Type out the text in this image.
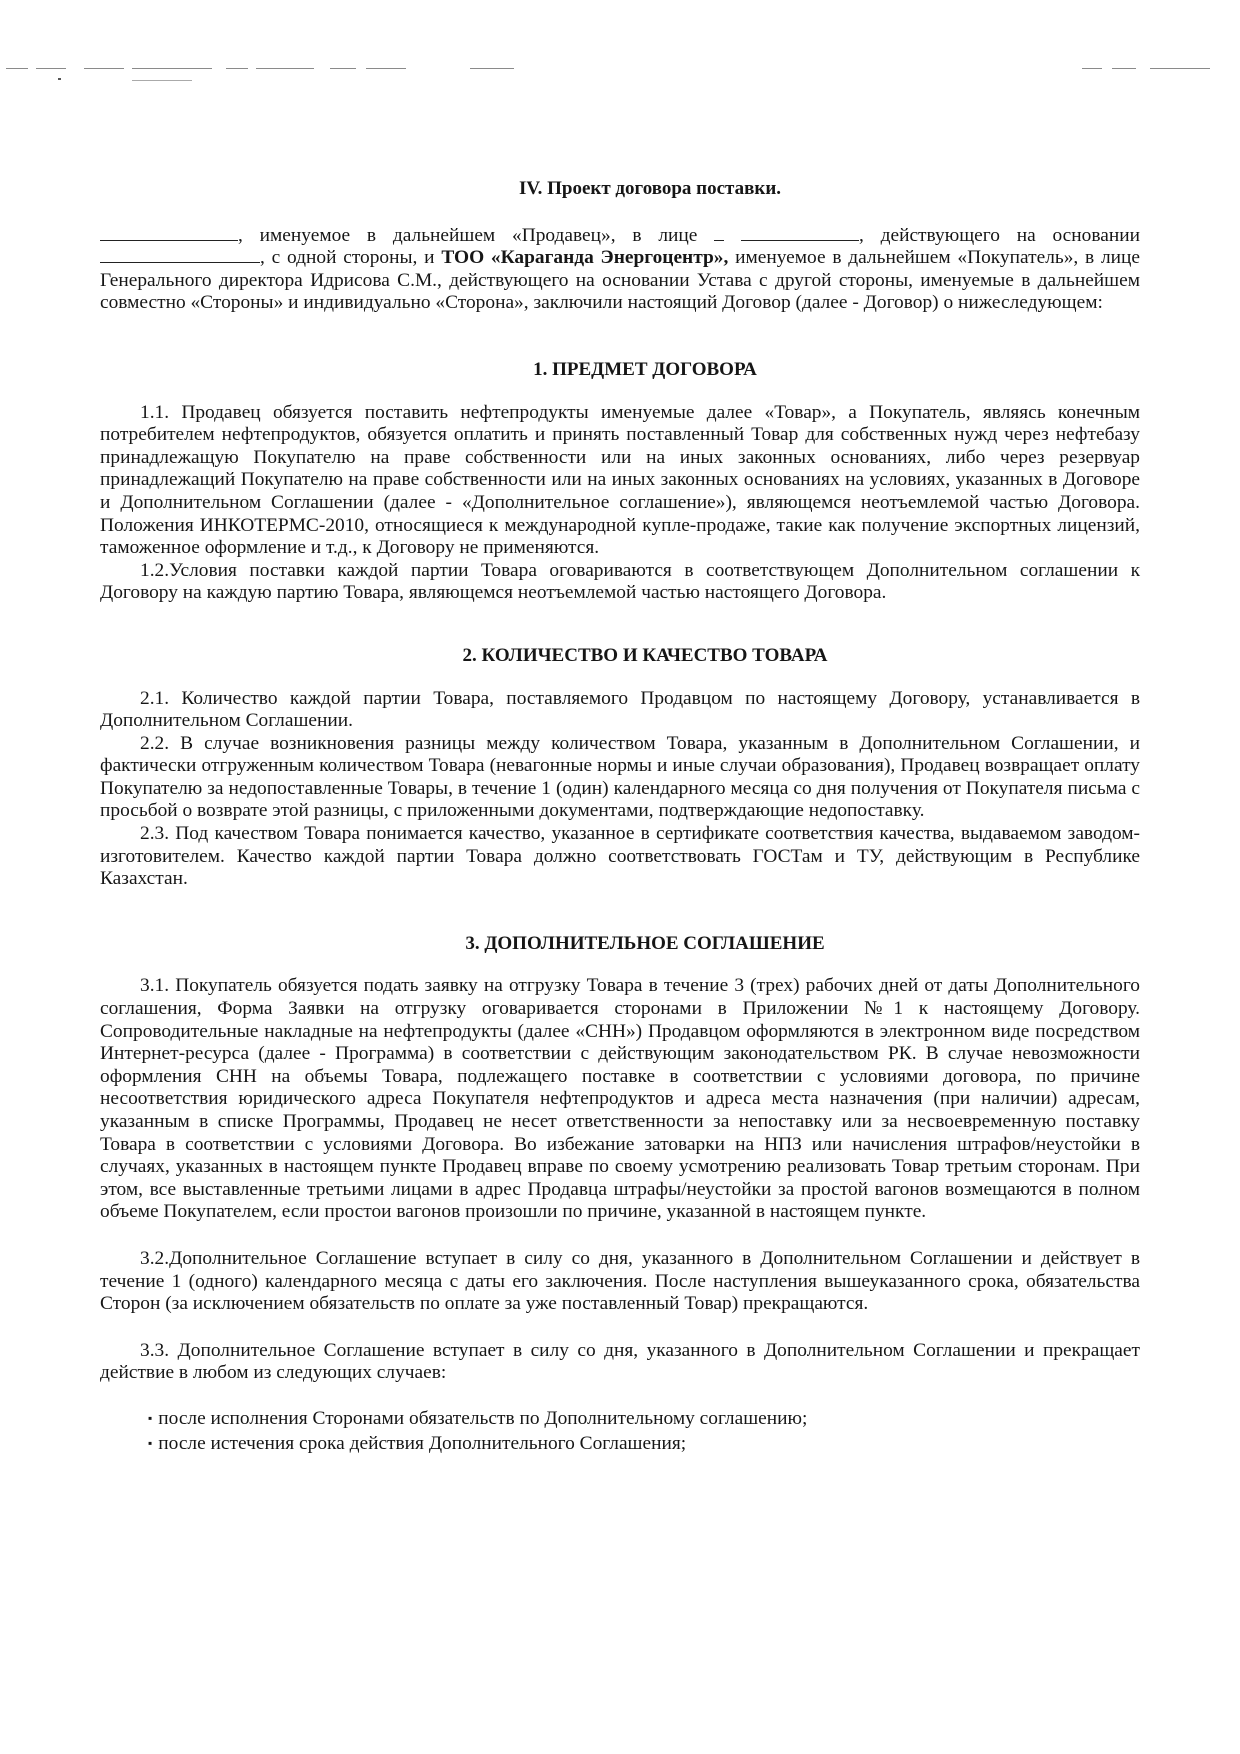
IV. Проект договора поставки.

, именуемое в дальнейшем «Продавец», в лице	, действующего на основании , с одной стороны, и ТОО «Караганда Энергоцентр», именуемое в дальнейшем «Покупатель», в лице Генерального директора Идрисова С.М., действующего на основании Устава с другой стороны, именуемые в дальнейшем совместно «Стороны» и индивидуально «Сторона», заключили настоящий Договор (далее - Договор) о нижеследующем:

1. ПРЕДМЕТ ДОГОВОРА

1.1. Продавец обязуется поставить нефтепродукты именуемые далее «Товар», а Покупатель, являясь конечным потребителем нефтепродуктов, обязуется оплатить и принять поставленный Товар для собственных нужд через нефтебазу принадлежащую Покупателю на праве собственности или на иных законных основаниях, либо через резервуар принадлежащий Покупателю на праве собственности или на иных законных основаниях на условиях, указанных в Договоре и Дополнительном Соглашении (далее - «Дополнительное соглашение»), являющемся неотъемлемой частью Договора. Положения ИНКОТЕРМС-2010, относящиеся к международной купле-продаже, такие как получение экспортных лицензий, таможенное оформление и т.д., к Договору не применяются.

1.2.Условия поставки каждой партии Товара оговариваются в соответствующем Дополнительном соглашении к Договору на каждую партию Товара, являющемся неотъемлемой частью настоящего Договора.

2. КОЛИЧЕСТВО И КАЧЕСТВО ТОВАРА

2.1. Количество каждой партии Товара, поставляемого Продавцом по настоящему Договору, устанавливается в Дополнительном Соглашении.

2.2. В случае возникновения разницы между количеством Товара, указанным в Дополнительном Соглашении, и фактически отгруженным количеством Товара (невагонные нормы и иные случаи образования), Продавец возвращает оплату Покупателю за недопоставленные Товары, в течение 1 (один) календарного месяца со дня получения от Покупателя письма с просьбой о возврате этой разницы, с приложенными документами, подтверждающие недопоставку.

2.3. Под качеством Товара понимается качество, указанное в сертификате соответствия качества, выдаваемом заводом-изготовителем. Качество каждой партии Товара должно соответствовать ГОСТам и ТУ, действующим в Республике Казахстан.

3. ДОПОЛНИТЕЛЬНОЕ СОГЛАШЕНИЕ

3.1. Покупатель обязуется подать заявку на отгрузку Товара в течение 3 (трех) рабочих дней от даты Дополнительного соглашения, Форма Заявки на отгрузку оговаривается сторонами в Приложении №1 к настоящему Договору. Сопроводительные накладные на нефтепродукты (далее «СНН») Продавцом оформляются в электронном виде посредством Интернет-ресурса (далее - Программа) в соответствии с действующим законодательством РК. В случае невозможности оформления СНН на объемы Товара, подлежащего поставке в соответствии с условиями договора, по причине несоответствия юридического адреса Покупателя нефтепродуктов и адреса места назначения (при наличии) адресам, указанным в списке Программы, Продавец не несет ответственности за непоставку или за несвоевременную поставку Товара в соответствии с условиями Договора. Во избежание затоварки на НПЗ или начисления штрафов/неустойки в случаях, указанных в настоящем пункте Продавец вправе по своему усмотрению реализовать Товар третьим сторонам. При этом, все выставленные третьими лицами в адрес Продавца штрафы/неустойки за простой вагонов возмещаются в полном объеме Покупателем, если простои вагонов произошли по причине, указанной в настоящем пункте.

3.2.Дополнительное Соглашение вступает в силу со дня, указанного в Дополнительном Соглашении и действует в течение 1 (одного) календарного месяца с даты его заключения. После наступления вышеуказанного срока, обязательства Сторон (за исключением обязательств по оплате за уже поставленный Товар) прекращаются.

3.3. Дополнительное Соглашение вступает в силу со дня, указанного в Дополнительном Соглашении и прекращает действие в любом из следующих случаев:

▪ после исполнения Сторонами обязательств по Дополнительному соглашению;
▪ после истечения срока действия Дополнительного Соглашения;
